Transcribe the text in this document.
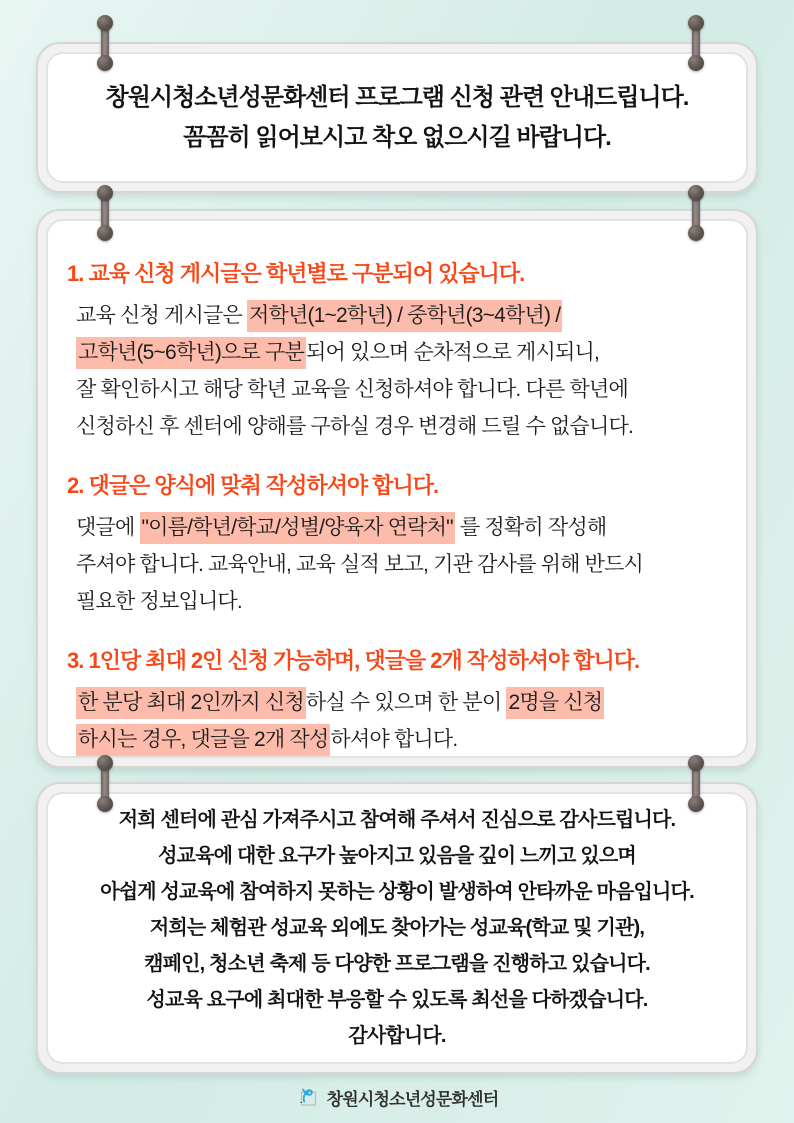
창원시청소년성문화센터 프로그램 신청 관련 안내드립니다.
꼼꼼히 읽어보시고 착오 없으시길 바랍니다.
1. 교육 신청 게시글은 학년별로 구분되어 있습니다.
교육 신청 게시글은 저학년(1~2학년) / 중학년(3~4학년) /
고학년(5~6학년)으로 구분되어 있으며 순차적으로 게시되니,
잘 확인하시고 해당 학년 교육을 신청하셔야 합니다. 다른 학년에
신청하신 후 센터에 양해를 구하실 경우 변경해 드릴 수 없습니다.
2. 댓글은 양식에 맞춰 작성하셔야 합니다.
댓글에 "이름/학년/학교/성별/양육자 연락처" 를 정확히 작성해
주셔야 합니다. 교육안내, 교육 실적 보고, 기관 감사를 위해 반드시
필요한 정보입니다.
3. 1인당 최대 2인 신청 가능하며, 댓글을 2개 작성하셔야 합니다.
한 분당 최대 2인까지 신청하실 수 있으며 한 분이 2명을 신청
하시는 경우, 댓글을 2개 작성하셔야 합니다.
저희 센터에 관심 가져주시고 참여해 주셔서 진심으로 감사드립니다.
성교육에 대한 요구가 높아지고 있음을 깊이 느끼고 있으며
아쉽게 성교육에 참여하지 못하는 상황이 발생하여 안타까운 마음입니다.
저희는 체험관 성교육 외에도 찾아가는 성교육(학교 및 기관),
캠페인, 청소년 축제 등 다양한 프로그램을 진행하고 있습니다.
성교육 요구에 최대한 부응할 수 있도록 최선을 다하겠습니다.
감사합니다.
창원시청소년성문화센터
